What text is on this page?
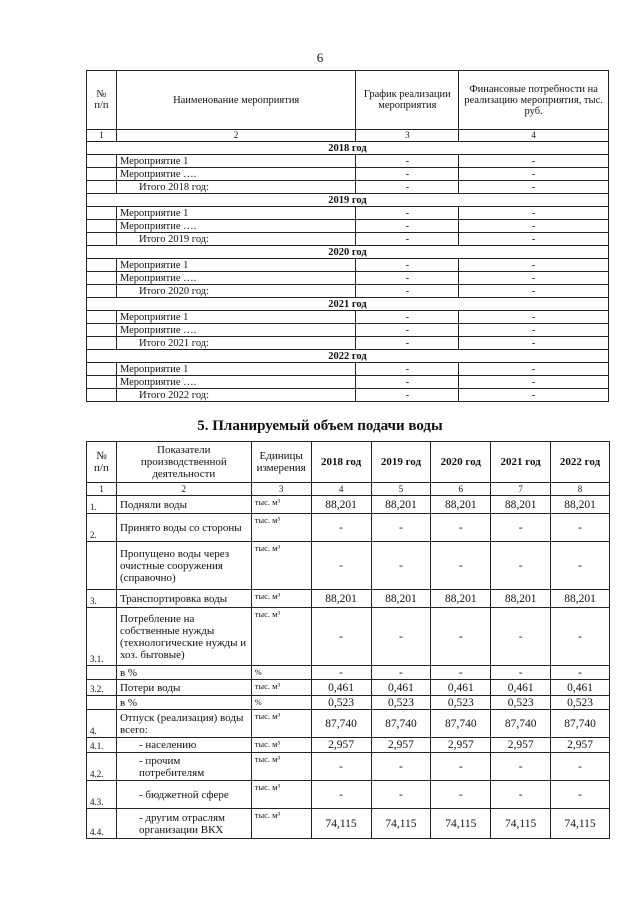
6
№
п/п	Наименование мероприятия	График реализации мероприятия	Финансовые потребности на реализацию мероприятия, тыс. руб.
1	2	3	4
2018 год			
	Мероприятие 1	-	-
	Мероприятие ….	-	-
	Итого 2018 год:	-	-
2019 год			
	Мероприятие 1	-	-
	Мероприятие ….	-	-
	Итого 2019 год:	-	-
2020 год			
	Мероприятие 1	-	-
	Мероприятие ….	-	-
	Итого 2020 год:	-	-
2021 год			
	Мероприятие 1	-	-
	Мероприятие ….	-	-
	Итого 2021 год:	-	-
2022 год			
	Мероприятие 1	-	-
	Мероприятие ….	-	-
	Итого 2022 год:	-	-
5. Планируемый объем подачи воды
№
п/п	Показатели производственной деятельности	Единицы измерения	2018 год	2019 год	2020 год	2021 год	2022 год
1	2	3	4	5	6	7	8
1.	Подняли воды	тыс. м³	88,201	88,201	88,201	88,201	88,201
2.	Принято воды со стороны	тыс. м³	-	-	-	-	-
	Пропущено воды через очистные сооружения (справочно)	тыс. м³	-	-	-	-	-
3.	Транспортировка воды	тыс. м³	88,201	88,201	88,201	88,201	88,201
3.1.	Потребление на собственные нужды (технологические нужды и хоз. бытовые)	тыс. м³	-	-	-	-	-
	в %	%	-	-	-	-	-
3.2.	Потери воды	тыс. м³	0,461	0,461	0,461	0,461	0,461
	в %	%	0,523	0,523	0,523	0,523	0,523
4.	Отпуск (реализация) воды всего:	тыс. м³	87,740	87,740	87,740	87,740	87,740
4.1.	- населению	тыс. м³	2,957	2,957	2,957	2,957	2,957
4.2.	- прочим потребителям	тыс. м³	-	-	-	-	-
4.3.	- бюджетной сфере	тыс. м³	-	-	-	-	-
4.4.	- другим отраслям организации ВКХ	тыс. м³	74,115	74,115	74,115	74,115	74,115
